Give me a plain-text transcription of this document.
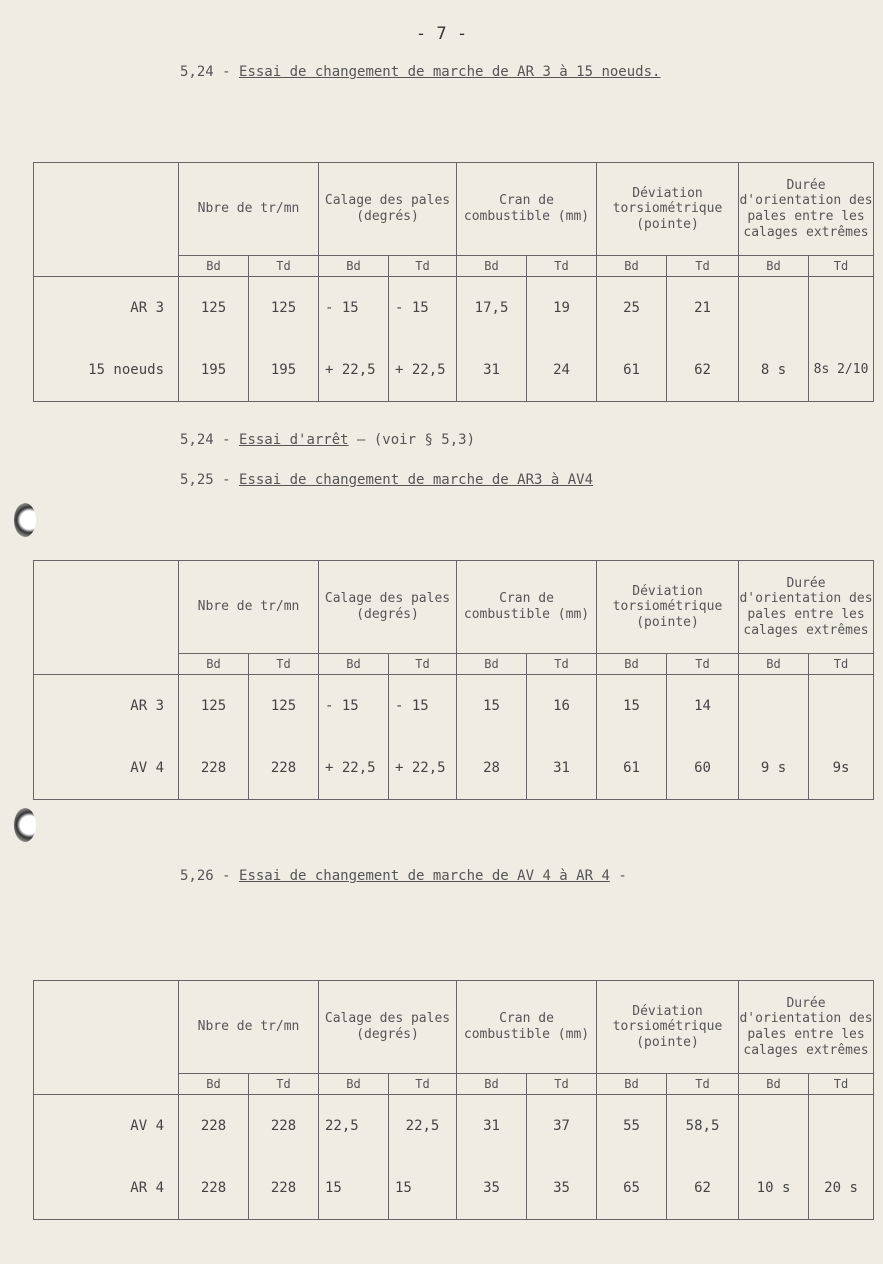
- 7 -
5,24 - Essai de changement de marche de AR 3 à 15 noeuds.
	Nbre de tr/mn		Calage des pales (degrés)		Cran de combustible (mm)		Déviation torsiométrique (pointe)		Durée d'orientation des pales entre les calages extrêmes	
	Bd	Td	Bd	Td	Bd	Td	Bd	Td	Bd	Td
AR 3	125	125	- 15	- 15	17,5	19	25	21		
15 noeuds	195	195	+ 22,5	+ 22,5	31	24	61	62	8 s	8s 2/10
5,24 - Essai d'arrêt — (voir § 5,3)
5,25 - Essai de changement de marche de AR3 à AV4
	Nbre de tr/mn		Calage des pales (degrés)		Cran de combustible (mm)		Déviation torsiométrique (pointe)		Durée d'orientation des pales entre les calages extrêmes	
	Bd	Td	Bd	Td	Bd	Td	Bd	Td	Bd	Td
AR 3	125	125	- 15	- 15	15	16	15	14		
AV 4	228	228	+ 22,5	+ 22,5	28	31	61	60	9 s	9s
5,26 - Essai de changement de marche de AV 4 à AR 4 -
	Nbre de tr/mn		Calage des pales (degrés)		Cran de combustible (mm)		Déviation torsiométrique (pointe)		Durée d'orientation des pales entre les calages extrêmes	
	Bd	Td	Bd	Td	Bd	Td	Bd	Td	Bd	Td
AV 4	228	228	22,5	22,5	31	37	55	58,5		
AR 4	228	228	15	15	35	35	65	62	10 s	20 s
